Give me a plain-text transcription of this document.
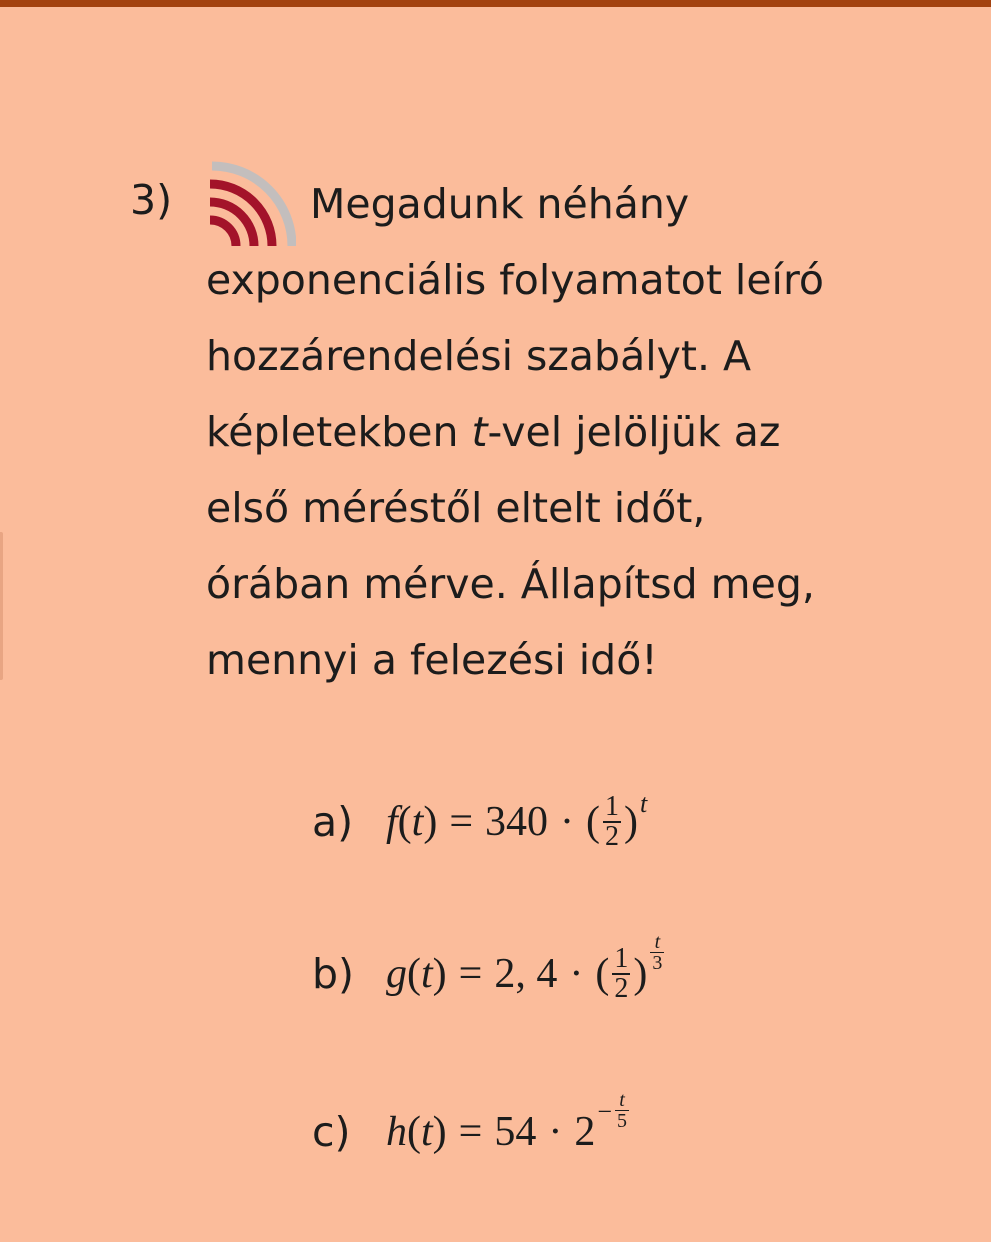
3)	Megadunk néhány
exponenciális folyamatot leíró
hozzárendelési szabályt. A
képletekben t-vel jelöljük az
első méréstől eltelt időt,
órában mérve. Állapítsd meg,
mennyi a felezési idő!

a) f ( t ) = 340 · ( $\frac{1}{2}$ ) t
b) g ( t ) = 2, 4 · ( $\frac{1}{2}$ ) $\frac{t}{3}$
c) h ( t ) = $54 \cdot 2 - \frac{t}{5}$
